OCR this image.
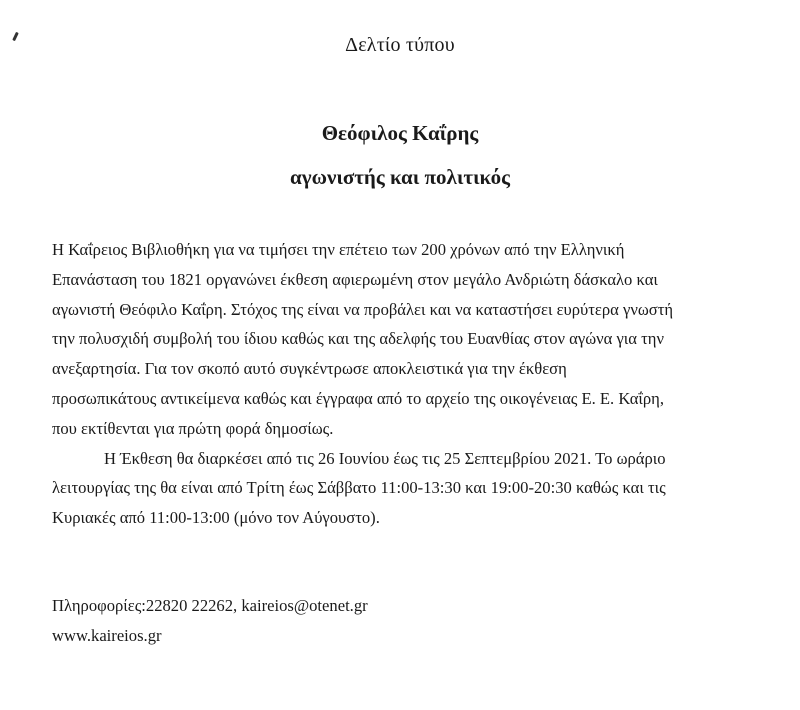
Δελτίο τύπου
Θεόφιλος Καΐρης
αγωνιστής και πολιτικός
Η Καΐρειος Βιβλιοθήκη για να τιμήσει την επέτειο των 200 χρόνων από την Ελληνική
Επανάσταση του 1821 οργανώνει έκθεση αφιερωμένη στον μεγάλο Ανδριώτη δάσκαλο και
αγωνιστή Θεόφιλο Καΐρη. Στόχος της είναι να προβάλει και να καταστήσει ευρύτερα γνωστή
την πολυσχιδή συμβολή του ίδιου καθώς και της αδελφής του Ευανθίας στον αγώνα για την
ανεξαρτησία. Για τον σκοπό αυτό συγκέντρωσε αποκλειστικά για την έκθεση
προσωπικάτους αντικείμενα καθώς και έγγραφα από το αρχείο της οικογένειας Ε. Ε. Καΐρη,
που εκτίθενται για πρώτη φορά δημοσίως.
Η Έκθεση θα διαρκέσει από τις 26 Ιουνίου έως τις 25 Σεπτεμβρίου 2021. Το ωράριο
λειτουργίας της θα είναι από Τρίτη έως Σάββατο 11:00-13:30 και 19:00-20:30 καθώς και τις
Κυριακές από 11:00-13:00 (μόνο τον Αύγουστο).
Πληροφορίες:22820 22262, kaireios@otenet.gr
www.kaireios.gr
